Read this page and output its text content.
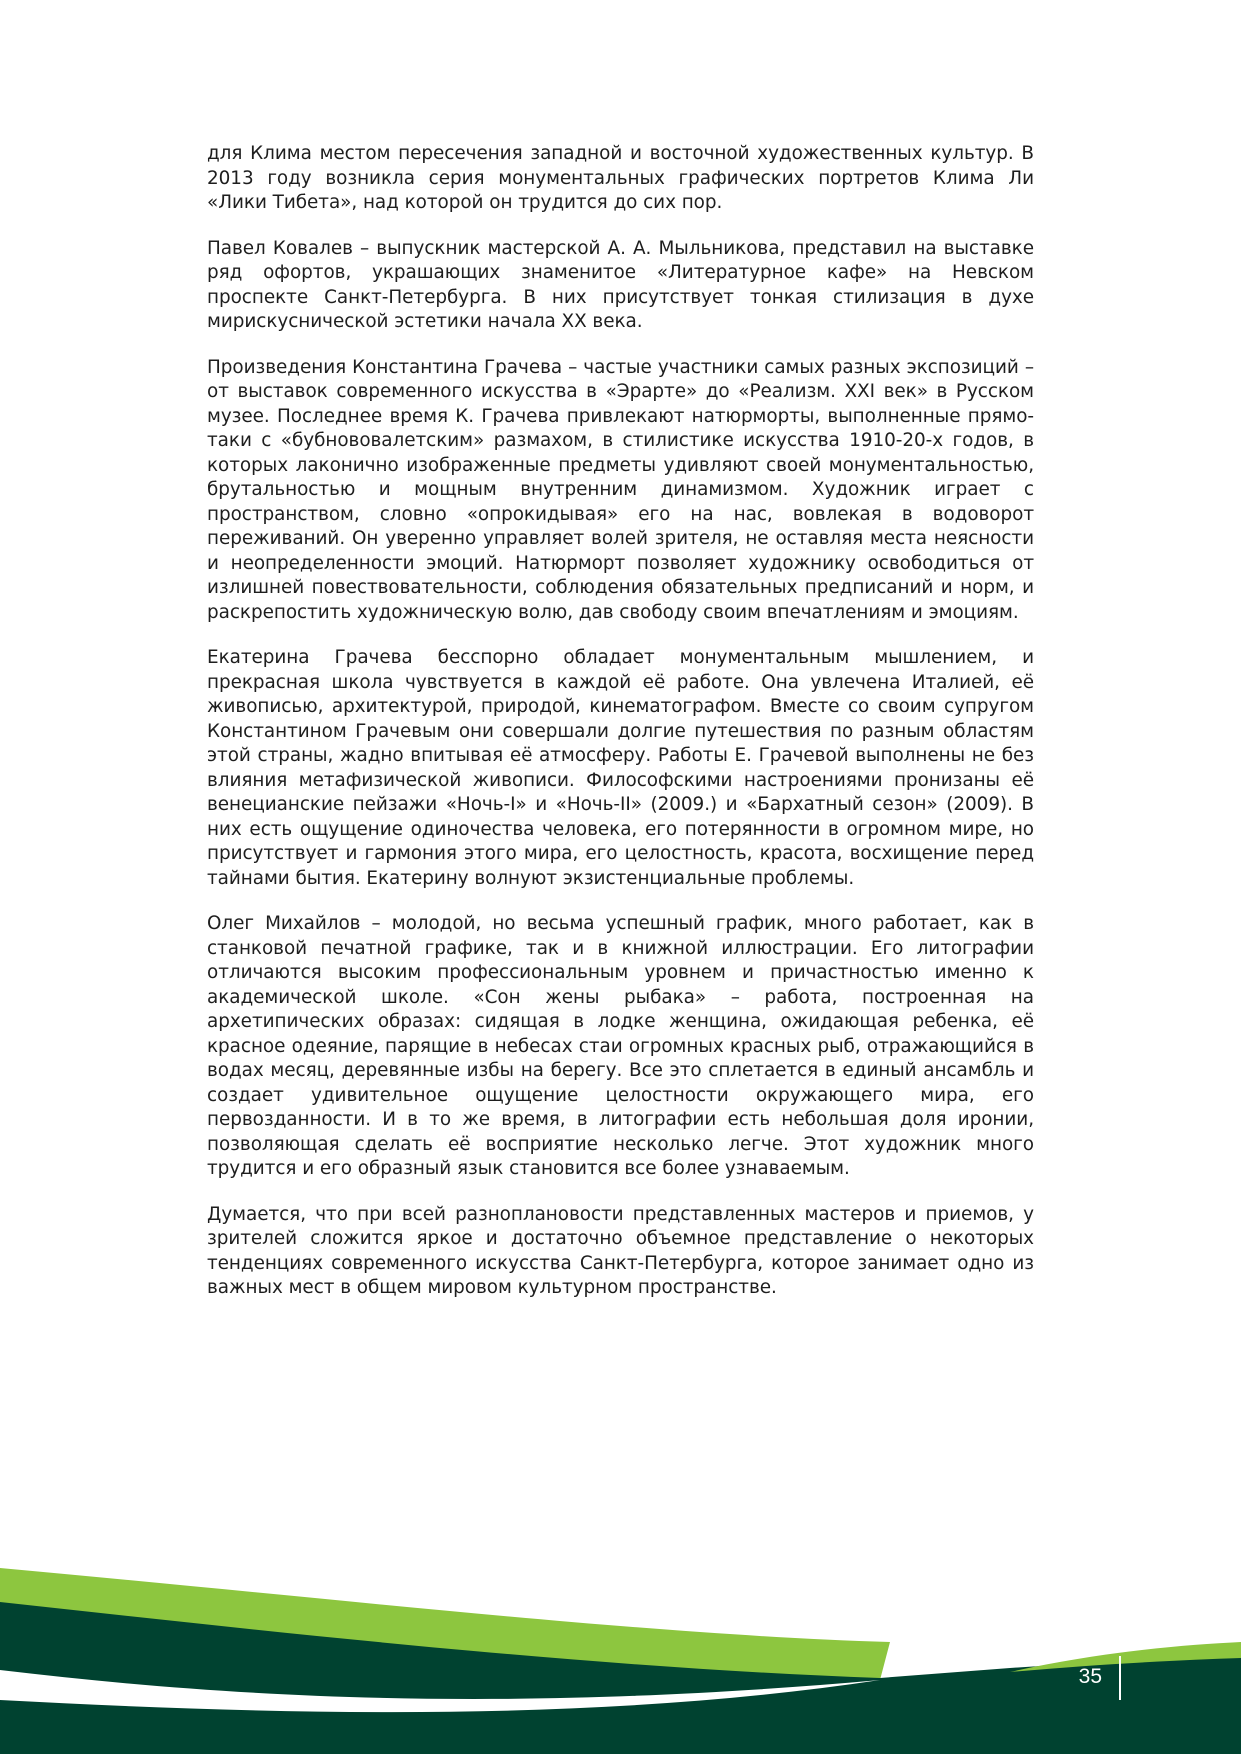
для Клима местом пересечения западной и восточной художественных культур. В 2013 году возникла серия монументальных графических портретов Клима Ли «Лики Тибета», над которой он трудится до сих пор.

Павел Ковалев – выпускник мастерской А. А. Мыльникова, представил на выставке ряд офортов, украшающих знаменитое «Литературное кафе» на Невском проспекте Санкт-Петербурга. В них присутствует тонкая стилизация в духе мирискуснической эстетики начала XX века.

Произведения Константина Грачева – частые участники самых разных экспозиций – от выставок современного искусства в «Эрарте» до «Реализм. XXI век» в Русском музее. Последнее время К. Грачева привлекают натюрморты, выполненные прямо-таки с «бубнововалетским» размахом, в стилистике искусства 1910-20-х годов, в которых лаконично изображенные предметы удивляют своей монументальностью, брутальностью и мощным внутренним динамизмом. Художник играет с пространством, словно «опрокидывая» его на нас, вовлекая в водоворот переживаний. Он уверенно управляет волей зрителя, не оставляя места неясности и неопределенности эмоций. Натюрморт позволяет художнику освободиться от излишней повествовательности, соблюдения обязательных предписаний и норм, и раскрепостить художническую волю, дав свободу своим впечатлениям и эмоциям.

Екатерина Грачева бесспорно обладает монументальным мышлением, и прекрасная школа чувствуется в каждой её работе. Она увлечена Италией, её живописью, архитектурой, природой, кинематографом. Вместе со своим супругом Константином Грачевым они совершали долгие путешествия по разным областям этой страны, жадно впитывая её атмосферу. Работы Е. Грачевой выполнены не без влияния метафизической живописи. Философскими настроениями пронизаны её венецианские пейзажи «Ночь-I» и «Ночь-II» (2009.) и «Бархатный сезон» (2009). В них есть ощущение одиночества человека, его потерянности в огромном мире, но присутствует и гармония этого мира, его целостность, красота, восхищение перед тайнами бытия. Екатерину волнуют экзистенциальные проблемы.

Олег Михайлов – молодой, но весьма успешный график, много работает, как в станковой печатной графике, так и в книжной иллюстрации. Его литографии отличаются высоким профессиональным уровнем и причастностью именно к академической школе. «Сон жены рыбака» – работа, построенная на архетипических образах: сидящая в лодке женщина, ожидающая ребенка, её красное одеяние, парящие в небесах стаи огромных красных рыб, отражающийся в водах месяц, деревянные избы на берегу. Все это сплетается в единый ансамбль и создает удивительное ощущение целостности окружающего мира, его первозданности. И в то же время, в литографии есть небольшая доля иронии, позволяющая сделать её восприятие несколько легче. Этот художник много трудится и его образный язык становится все более узнаваемым.

Думается, что при всей разноплановости представленных мастеров и приемов, у зрителей сложится яркое и достаточно объемное представление о некоторых тенденциях современного искусства Санкт-Петербурга, которое занимает одно из важных мест в общем мировом культурном пространстве.

35
